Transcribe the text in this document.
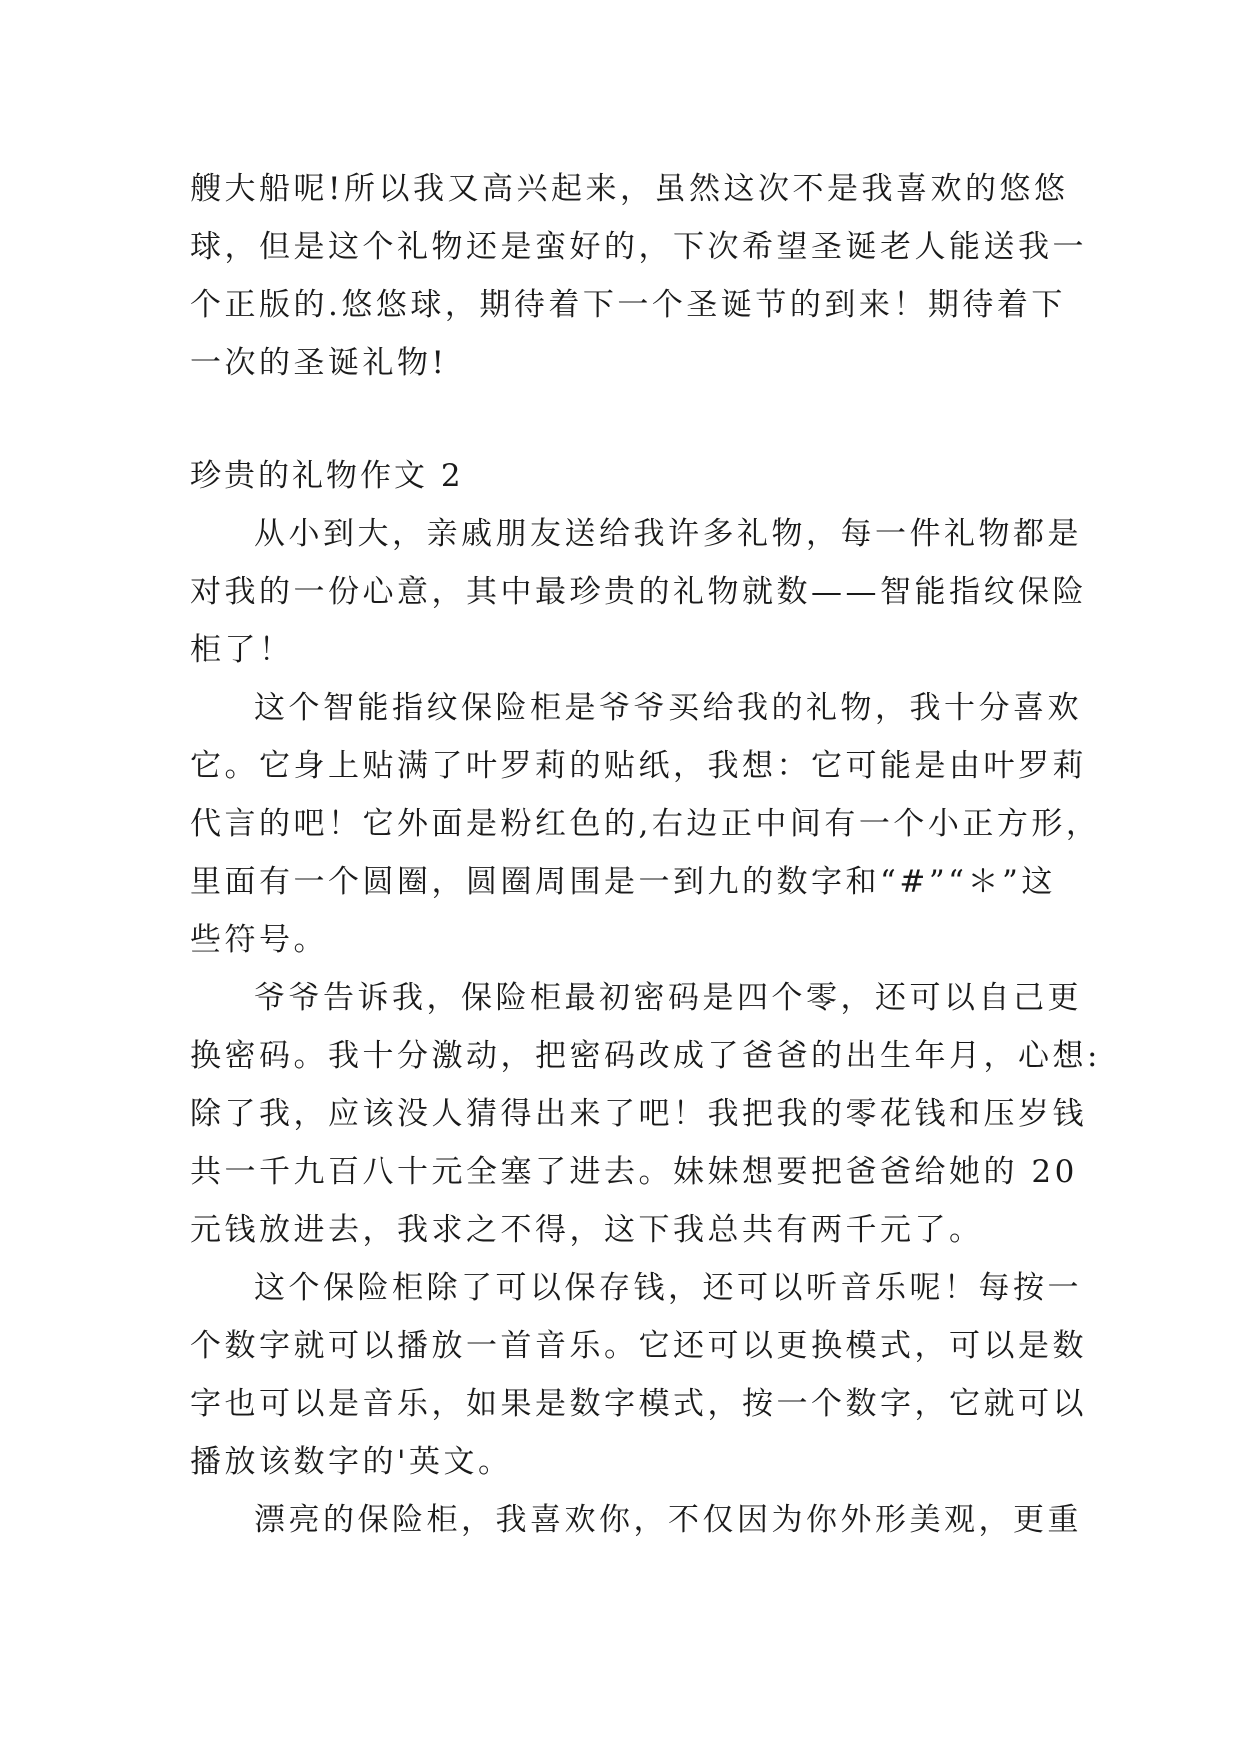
艘大船呢!所以我又高兴起来，虽然这次不是我喜欢的悠悠
球，但是这个礼物还是蛮好的，下次希望圣诞老人能送我一
个正版的.悠悠球，期待着下一个圣诞节的到来！期待着下
一次的圣诞礼物!
珍贵的礼物作文 2
从小到大，亲戚朋友送给我许多礼物，每一件礼物都是
对我的一份心意，其中最珍贵的礼物就数——智能指纹保险
柜了！
这个智能指纹保险柜是爷爷买给我的礼物，我十分喜欢
它。它身上贴满了叶罗莉的贴纸，我想：它可能是由叶罗莉
代言的吧！它外面是粉红色的,右边正中间有一个小正方形，
里面有一个圆圈，圆圈周围是一到九的数字和“#”“＊”这
些符号。
爷爷告诉我，保险柜最初密码是四个零，还可以自己更
换密码。我十分激动，把密码改成了爸爸的出生年月，心想:
除了我，应该没人猜得出来了吧！我把我的零花钱和压岁钱
共一千九百八十元全塞了进去。妹妹想要把爸爸给她的 20
元钱放进去，我求之不得，这下我总共有两千元了。
这个保险柜除了可以保存钱，还可以听音乐呢！每按一
个数字就可以播放一首音乐。它还可以更换模式，可以是数
字也可以是音乐，如果是数字模式，按一个数字，它就可以
播放该数字的'英文。
漂亮的保险柜，我喜欢你，不仅因为你外形美观，更重
